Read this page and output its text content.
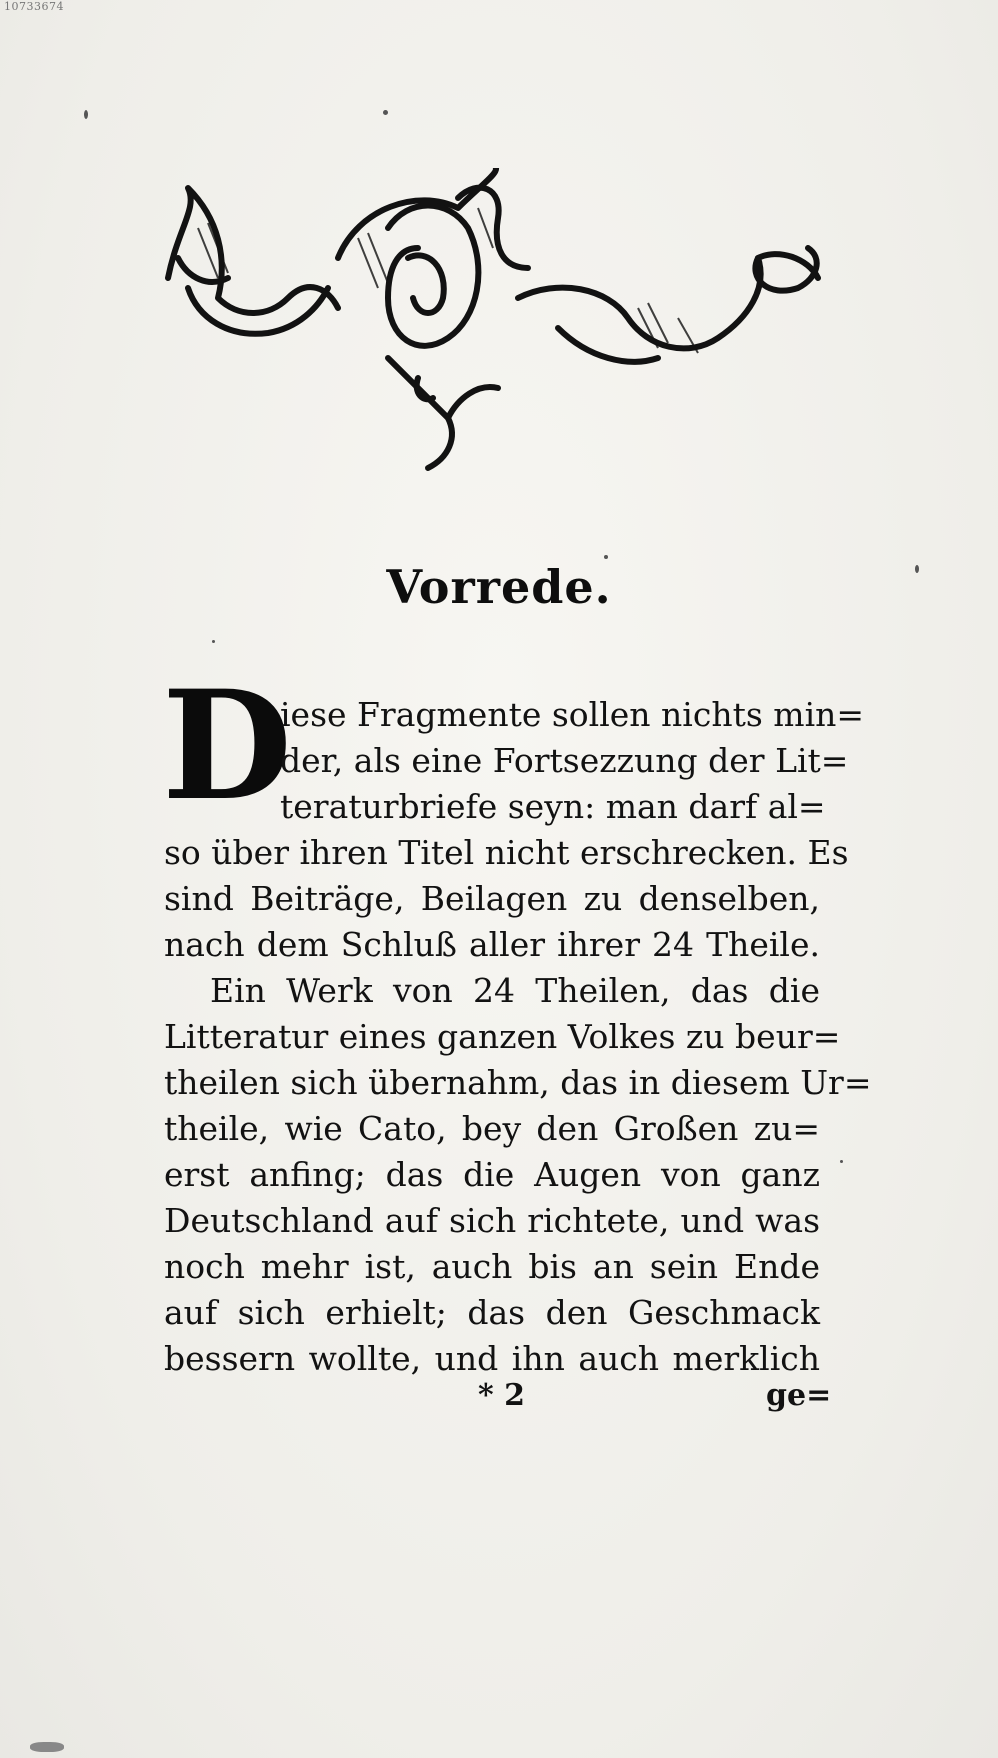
10733674
Vorrede.
D
iese Fragmente sollen nichts min=
der, als eine Fortsezzung der Lit=
teraturbriefe seyn: man darf al=
so über ihren Titel nicht erschrecken. Es
sind Beiträge, Beilagen zu denselben,
nach dem Schluß aller ihrer 24 Theile.
Ein Werk von 24 Theilen, das die
Litteratur eines ganzen Volkes zu beur=
theilen sich übernahm, das in diesem Ur=
theile, wie Cato, bey den Großen zu=
erst anfing; das die Augen von ganz
Deutschland auf sich richtete, und was
noch mehr ist, auch bis an sein Ende
auf sich erhielt; das den Geschmack
bessern wollte, und ihn auch merklich
* 2	ge=
